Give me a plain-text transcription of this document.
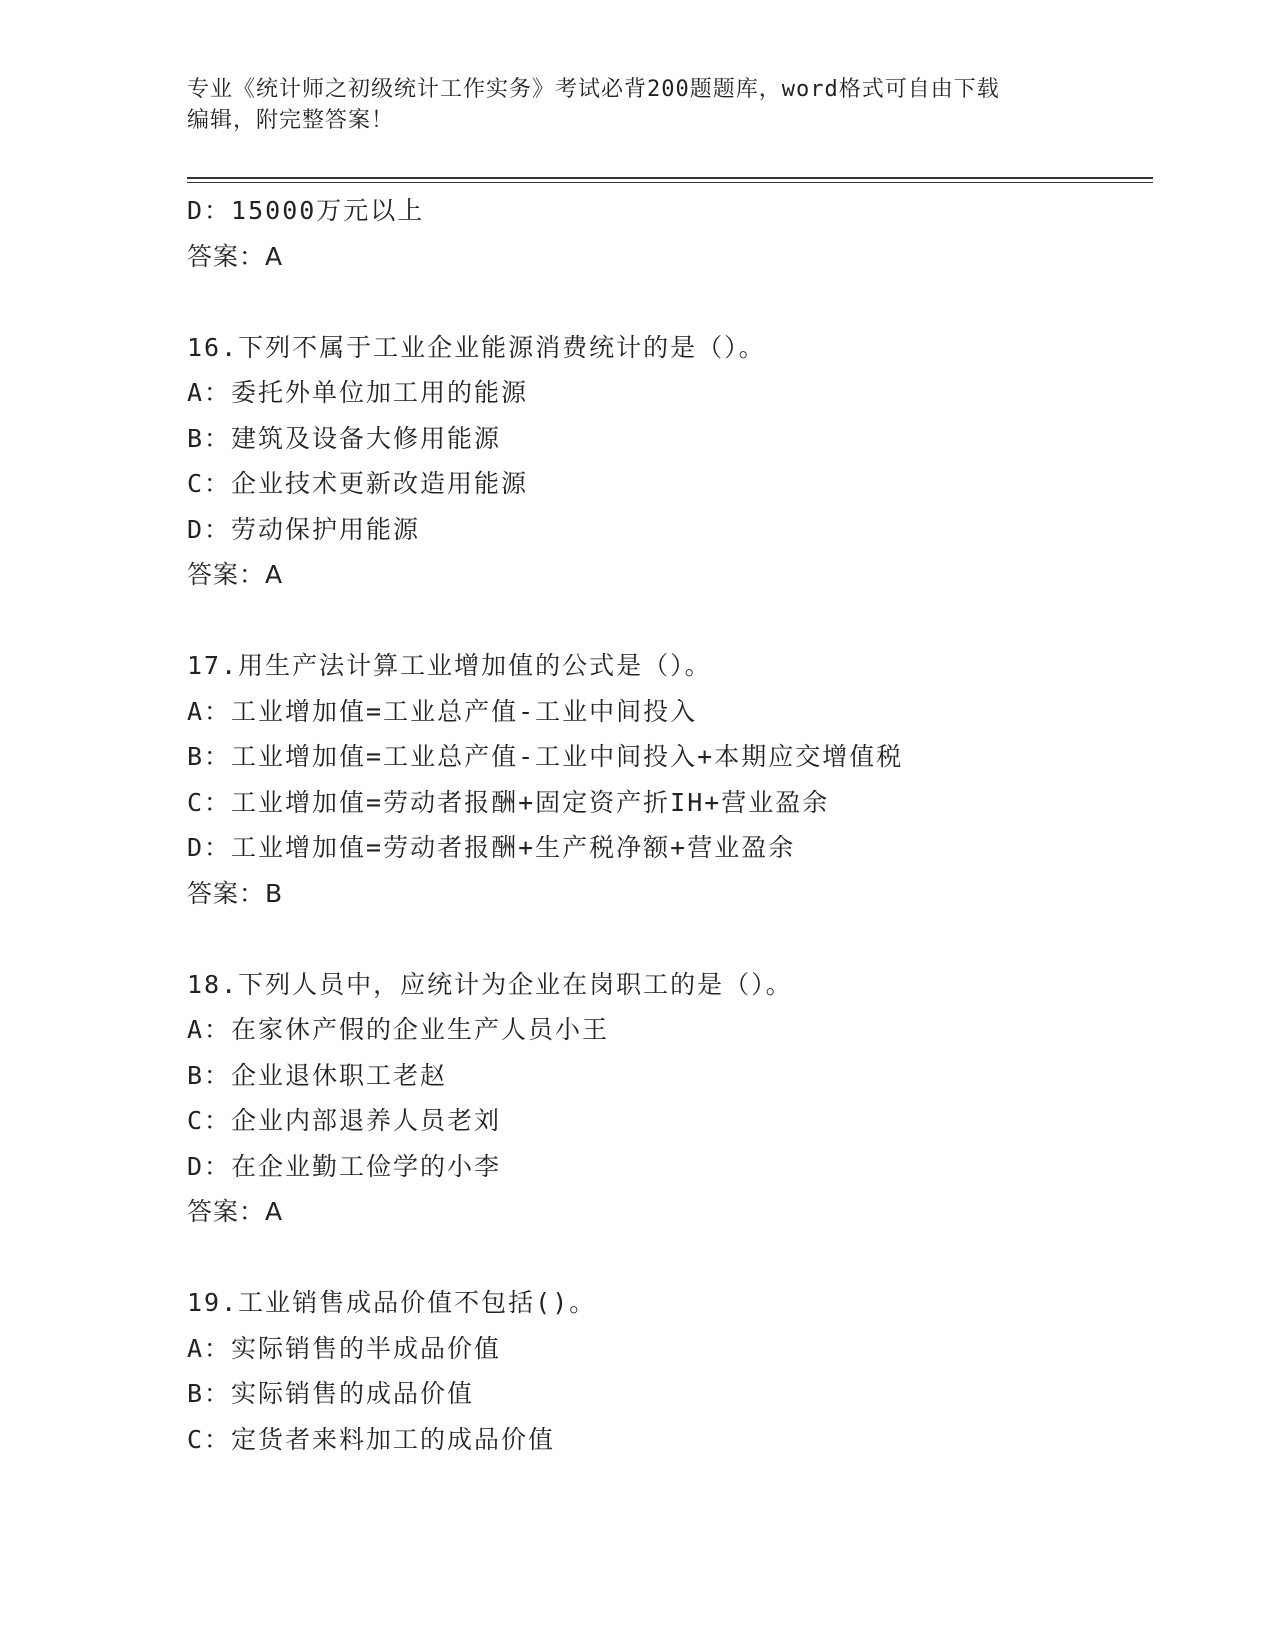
专业《统计师之初级统计工作实务》考试必背200题题库，word格式可自由下载
编辑，附完整答案！
D：15000万元以上
答案：A
16.下列不属于工业企业能源消费统计的是（）。
A：委托外单位加工用的能源
B：建筑及设备大修用能源
C：企业技术更新改造用能源
D：劳动保护用能源
答案：A
17.用生产法计算工业增加值的公式是（）。
A：工业增加值=工业总产值-工业中间投入
B：工业增加值=工业总产值-工业中间投入+本期应交增值税
C：工业增加值=劳动者报酬+固定资产折IH+营业盈余
D：工业增加值=劳动者报酬+生产税净额+营业盈余
答案：B
18.下列人员中，应统计为企业在岗职工的是（）。
A：在家休产假的企业生产人员小王
B：企业退休职工老赵
C：企业内部退养人员老刘
D：在企业勤工俭学的小李
答案：A
19.工业销售成品价值不包括()。
A：实际销售的半成品价值
B：实际销售的成品价值
C：定货者来料加工的成品价值
